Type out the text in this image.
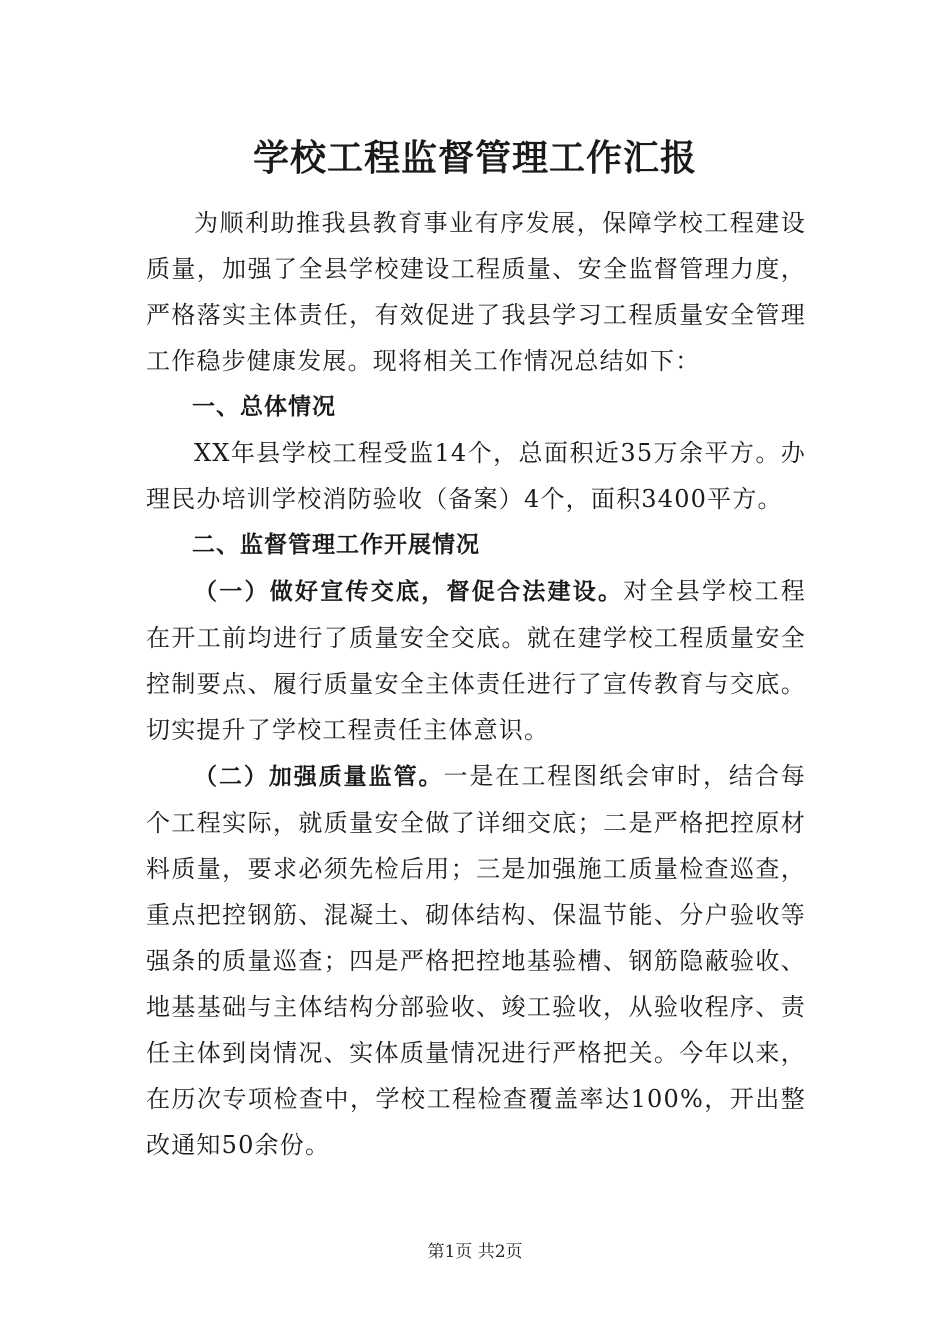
学校工程监督管理工作汇报

为顺利助推我县教育事业有序发展，保障学校工程建设质量，加强了全县学校建设工程质量、安全监督管理力度，严格落实主体责任，有效促进了我县学习工程质量安全管理工作稳步健康发展。现将相关工作情况总结如下：

一、总体情况

XX年县学校工程受监14个，总面积近35万余平方。办理民办培训学校消防验收（备案）4个，面积3400平方。

二、监督管理工作开展情况

（一）做好宣传交底，督促合法建设。对全县学校工程在开工前均进行了质量安全交底。就在建学校工程质量安全控制要点、履行质量安全主体责任进行了宣传教育与交底。切实提升了学校工程责任主体意识。

（二）加强质量监管。一是在工程图纸会审时，结合每个工程实际，就质量安全做了详细交底；二是严格把控原材料质量，要求必须先检后用；三是加强施工质量检查巡查，重点把控钢筋、混凝土、砌体结构、保温节能、分户验收等强条的质量巡查；四是严格把控地基验槽、钢筋隐蔽验收、地基基础与主体结构分部验收、竣工验收，从验收程序、责任主体到岗情况、实体质量情况进行严格把关。今年以来，在历次专项检查中，学校工程检查覆盖率达100%，开出整改通知50余份。

第1页 共2页
